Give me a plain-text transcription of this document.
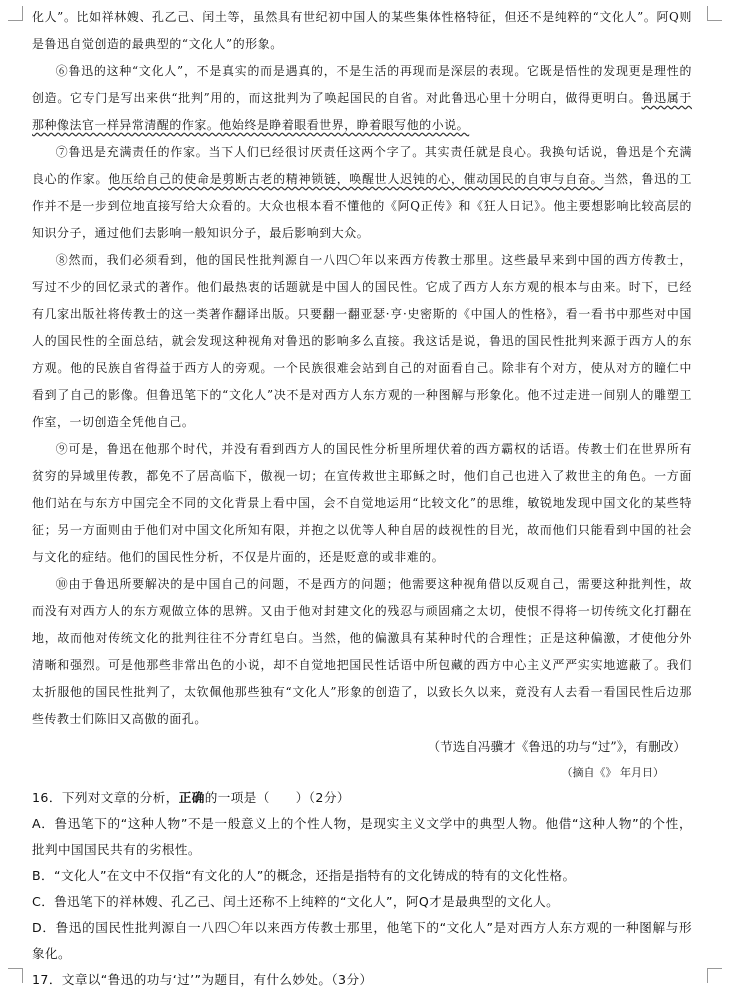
化人”。比如祥林嫂、孔乙己、闰土等，虽然具有世纪初中国人的某些集体性格特征，但还不是纯粹的“文化人”。阿Q则是鲁迅自觉创造的最典型的“文化人”的形象。

⑥鲁迅的这种“文化人”，不是真实的而是遇真的，不是生活的再现而是深层的表现。它既是悟性的发现更是理性的创造。它专门是写出来供“批判”用的，而这批判为了唤起国民的自省。对此鲁迅心里十分明白，做得更明白。鲁迅属于那种像法官一样异常清醒的作家。他始终是睁着眼看世界，睁着眼写他的小说。

⑦鲁迅是充满责任的作家。当下人们已经很讨厌责任这两个字了。其实责任就是良心。我换句话说，鲁迅是个充满良心的作家。他压给自己的使命是剪断古老的精神锁链，唤醒世人迟钝的心，催动国民的自审与自奋。当然，鲁迅的工作并不是一步到位地直接写给大众看的。大众也根本看不懂他的《阿Q正传》和《狂人日记》。他主要想影响比较高层的知识分子，通过他们去影响一般知识分子，最后影响到大众。

⑧然而，我们必须看到，他的国民性批判源自一八四〇年以来西方传教士那里。这些最早来到中国的西方传教士，写过不少的回忆录式的著作。他们最热衷的话题就是中国人的国民性。它成了西方人东方观的根本与由来。时下，已经有几家出版社将传教士的这一类著作翻译出版。只要翻一翻亚瑟·亨·史密斯的《中国人的性格》，看一看书中那些对中国人的国民性的全面总结，就会发现这种视角对鲁迅的影响多么直接。我这话是说，鲁迅的国民性批判来源于西方人的东方观。他的民族自省得益于西方人的旁观。一个民族很难会站到自己的对面看自己。除非有个对方，使从对方的瞳仁中看到了自己的影像。但鲁迅笔下的“文化人”决不是对西方人东方观的一种图解与形象化。他不过走进一间别人的雕塑工作室，一切创造全凭他自己。

⑨可是，鲁迅在他那个时代，并没有看到西方人的国民性分析里所埋伏着的西方霸权的话语。传教士们在世界所有贫穷的异域里传教，都免不了居高临下，傲视一切；在宣传救世主耶稣之时，他们自己也进入了救世主的角色。一方面他们站在与东方中国完全不同的文化背景上看中国，会不自觉地运用“比较文化”的思维，敏锐地发现中国文化的某些特征；另一方面则由于他们对中国文化所知有限，并抱之以优等人种自居的歧视性的目光，故而他们只能看到中国的社会与文化的症结。他们的国民性分析，不仅是片面的，还是贬意的或非难的。

⑩由于鲁迅所要解决的是中国自己的问题，不是西方的问题；他需要这种视角借以反观自己，需要这种批判性，故而没有对西方人的东方观做立体的思辨。又由于他对封建文化的残忍与顽固痛之太切，使恨不得将一切传统文化打翻在地，故而他对传统文化的批判往往不分青红皂白。当然，他的偏激具有某种时代的合理性；正是这种偏激，才使他分外清晰和强烈。可是他那些非常出色的小说，却不自觉地把国民性话语中所包藏的西方中心主义严严实实地遮蔽了。我们太折服他的国民性批判了，太钦佩他那些独有“文化人”形象的创造了，以致长久以来，竟没有人去看一看国民性后边那些传教士们陈旧又高傲的面孔。

（节选自冯骥才《鲁迅的功与“过”》，有删改）
（摘自《》 年月日）

16．下列对文章的分析，正确的一项是（　　）（2分）

A．鲁迅笔下的“这种人物”不是一般意义上的个性人物，是现实主义文学中的典型人物。他借“这种人物”的个性，批判中国国民共有的劣根性。

B．“文化人”在文中不仅指“有文化的人”的概念，还指是指特有的文化铸成的特有的文化性格。

C．鲁迅笔下的祥林嫂、孔乙己、闰土还称不上纯粹的“文化人”，阿Q才是最典型的文化人。

D．鲁迅的国民性批判源自一八四〇年以来西方传教士那里，他笔下的“文化人”是对西方人东方观的一种图解与形象化。

17．文章以“鲁迅的功与‘过’”为题目，有什么妙处。（3分）
